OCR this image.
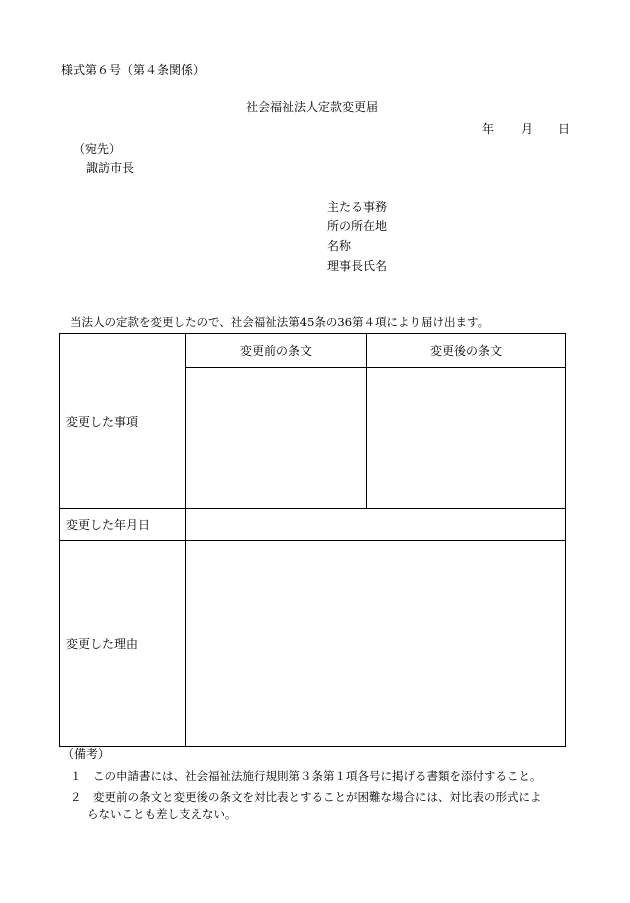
様式第６号（第４条関係）
社会福祉法人定款変更届
年 月 日
（宛先）
諏訪市長
主たる事務
所の所在地
名称
理事長氏名
当法人の定款を変更したので、社会福祉法第45条の36第４項により届け出ます。
変更した事項	変更前の条文	変更後の条文

変更した年月日		
変更した理由		
（備考）
１　この申請書には、社会福祉法施行規則第３条第１項各号に掲げる書類を添付すること。
２　変更前の条文と変更後の条文を対比表とすることが困難な場合には、対比表の形式によ
らないことも差し支えない。
